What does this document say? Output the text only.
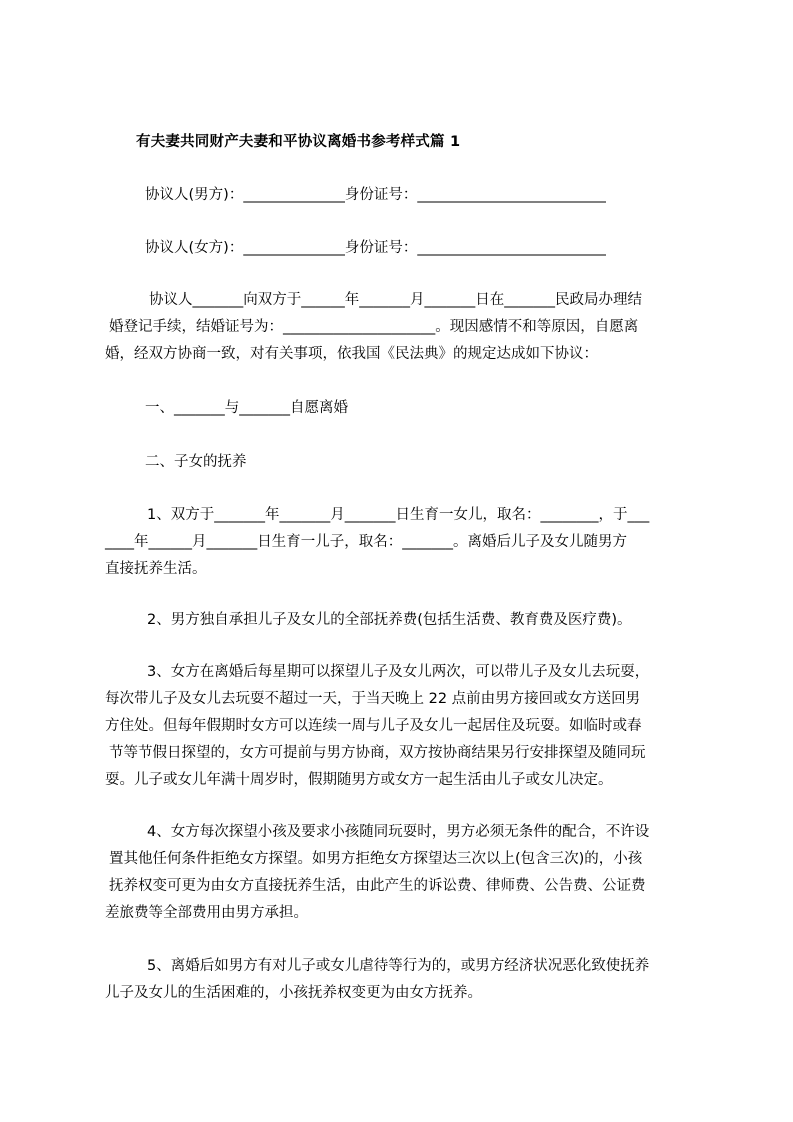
有夫妻共同财产夫妻和平协议离婚书参考样式篇 1
协议人(男方)：______________身份证号：__________________________
协议人(女方)：______________身份证号：__________________________
协议人_______向双方于______年_______月_______日在_______民政局办理结
婚登记手续，结婚证号为：_____________________。现因感情不和等原因，自愿离
婚，经双方协商一致，对有关事项，依我国《民法典》的规定达成如下协议：
一、_______与_______自愿离婚
二、子女的抚养
1、双方于_______年_______月_______日生育一女儿，取名：________，于___
____年______月_______日生育一儿子，取名：_______。离婚后儿子及女儿随男方
直接抚养生活。
2、男方独自承担儿子及女儿的全部抚养费(包括生活费、教育费及医疗费)。
3、女方在离婚后每星期可以探望儿子及女儿两次，可以带儿子及女儿去玩耍，
每次带儿子及女儿去玩耍不超过一天，于当天晚上 22 点前由男方接回或女方送回男
方住处。但每年假期时女方可以连续一周与儿子及女儿一起居住及玩耍。如临时或春
节等节假日探望的，女方可提前与男方协商，双方按协商结果另行安排探望及随同玩
耍。儿子或女儿年满十周岁时，假期随男方或女方一起生活由儿子或女儿决定。
4、女方每次探望小孩及要求小孩随同玩耍时，男方必须无条件的配合，不许设
置其他任何条件拒绝女方探望。如男方拒绝女方探望达三次以上(包含三次)的，小孩
抚养权变可更为由女方直接抚养生活，由此产生的诉讼费、律师费、公告费、公证费
差旅费等全部费用由男方承担。
5、离婚后如男方有对儿子或女儿虐待等行为的，或男方经济状况恶化致使抚养
儿子及女儿的生活困难的，小孩抚养权变更为由女方抚养。
